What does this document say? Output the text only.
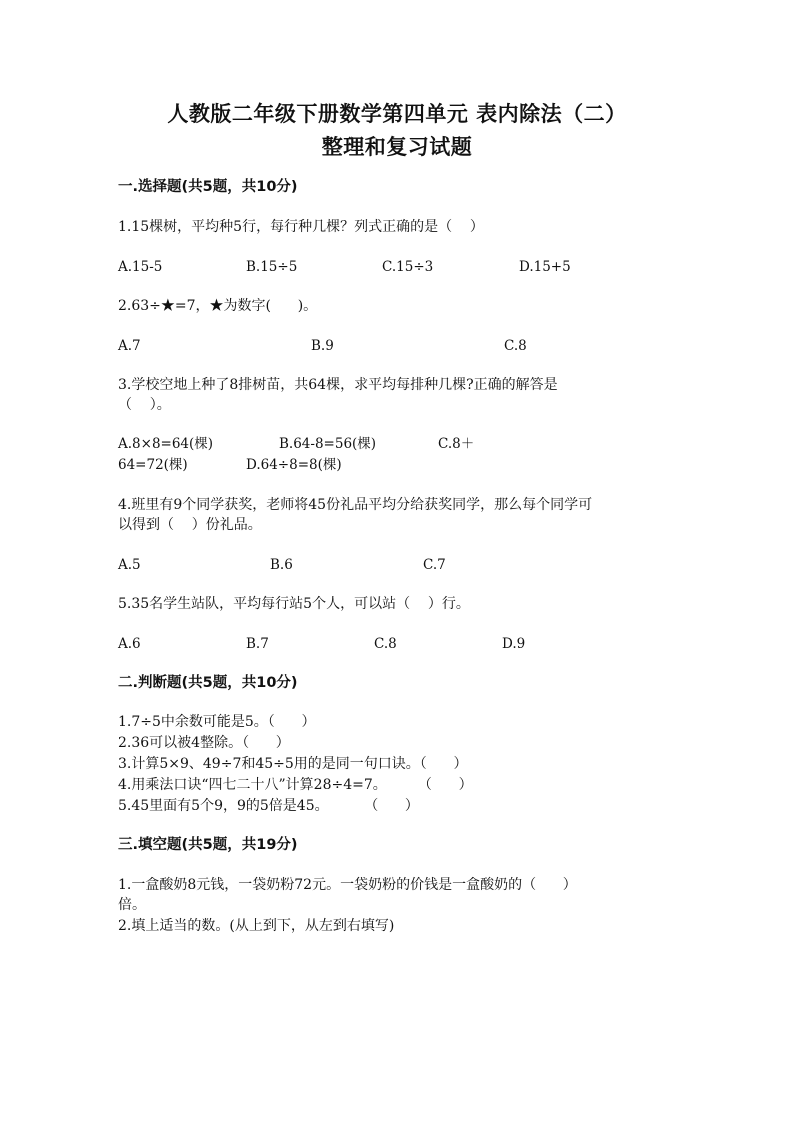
人教版二年级下册数学第四单元 表内除法（二）
整理和复习试题
一.选择题(共5题，共10分)
1.15棵树，平均种5行，每行种几棵？列式正确的是（    ）
A.15-5	B.15÷5	C.15÷3	D.15+5
2.63÷★=7，★为数字(      )。
A.7	B.9	C.8
3.学校空地上种了8排树苗，共64棵，求平均每排种几棵?正确的解答是
（    ）。
A.8×8=64(棵)	B.64-8=56(棵)	C.8＋
64=72(棵)	D.64÷8=8(棵)
4.班里有9个同学获奖，老师将45份礼品平均分给获奖同学，那么每个同学可
以得到（    ）份礼品。
A.5	B.6	C.7
5.35名学生站队，平均每行站5个人，可以站（    ）行。
A.6	B.7	C.8	D.9
二.判断题(共5题，共10分)
1.7÷5中余数可能是5。（      ）
2.36可以被4整除。（      ）
3.计算5×9、49÷7和45÷5用的是同一句口诀。（      ）
4.用乘法口诀“四七二十八”计算28÷4=7。       （      ）
5.45里面有5个9，9的5倍是45。        （      ）
三.填空题(共5题，共19分)
1.一盒酸奶8元钱，一袋奶粉72元。一袋奶粉的价钱是一盒酸奶的（      ）
倍。
2.填上适当的数。(从上到下，从左到右填写)
